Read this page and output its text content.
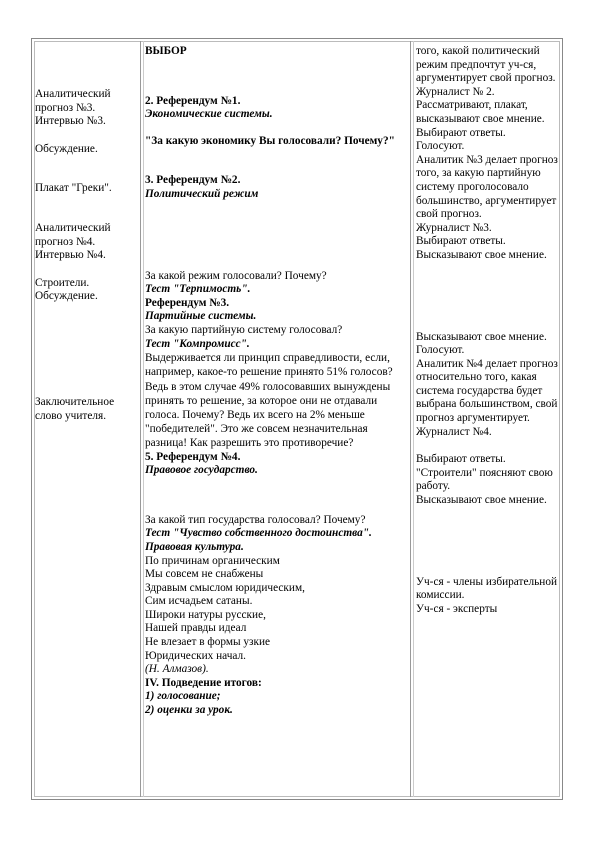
Аналитический прогноз №3.

Интервью №3.

Обсуждение.

Плакат "Греки".

Аналитический прогноз №4.

Интервью №4.

Строители.

Обсуждение.

Заключительное слово учителя.

ВЫБОР

2. Референдум №1.

Экономические системы.

"За какую экономику Вы голосовали? Почему?"

3. Референдум №2.

Политический режим

За какой режим голосовали? Почему?

Тест "Терпимость".

Референдум №3.

Партийные системы.

За какую партийную систему голосовал?

Тест "Компромисс".

Выдерживается ли принцип справедливости, если, например, какое-то решение принято 51% голосов? Ведь в этом случае 49% голосовавших вынуждены принять то решение, за которое они не отдавали голоса. Почему? Ведь их всего на 2% меньше "победителей". Это же совсем незначительная разница! Как разрешить это противоречие?

5. Референдум №4.

Правовое государство.

За какой тип государства голосовал? Почему?

Тест "Чувство собственного достоинства".

Правовая культура.

По причинам органическим

Мы совсем не снабжены

Здравым смыслом юридическим,

Сим исчадьем сатаны.

Широки натуры русские,

Нашей правды идеал

Не влезает в формы узкие

Юридических начал.

(Н. Алмазов).

IV. Подведение итогов:

1) голосование;

2) оценки за урок.

того, какой политический режим предпочтут уч-ся, аргументирует свой прогноз.

Журналист № 2.

Рассматривают, плакат, высказывают свое мнение.

Выбирают ответы.

Голосуют.

Аналитик №3 делает прогноз того, за какую партийную систему проголосовало большинство, аргументирует свой прогноз.

Журналист №3.

Выбирают ответы.

Высказывают свое мнение.

Высказывают свое мнение.

Голосуют.

Аналитик №4 делает прогноз относительно того, какая система государства будет выбрана большинством, свой прогноз аргументирует.

Журналист №4.

Выбирают ответы.

"Строители" поясняют свою работу.

Высказывают свое мнение.

Уч-ся - члены избирательной комиссии.

Уч-ся - эксперты
